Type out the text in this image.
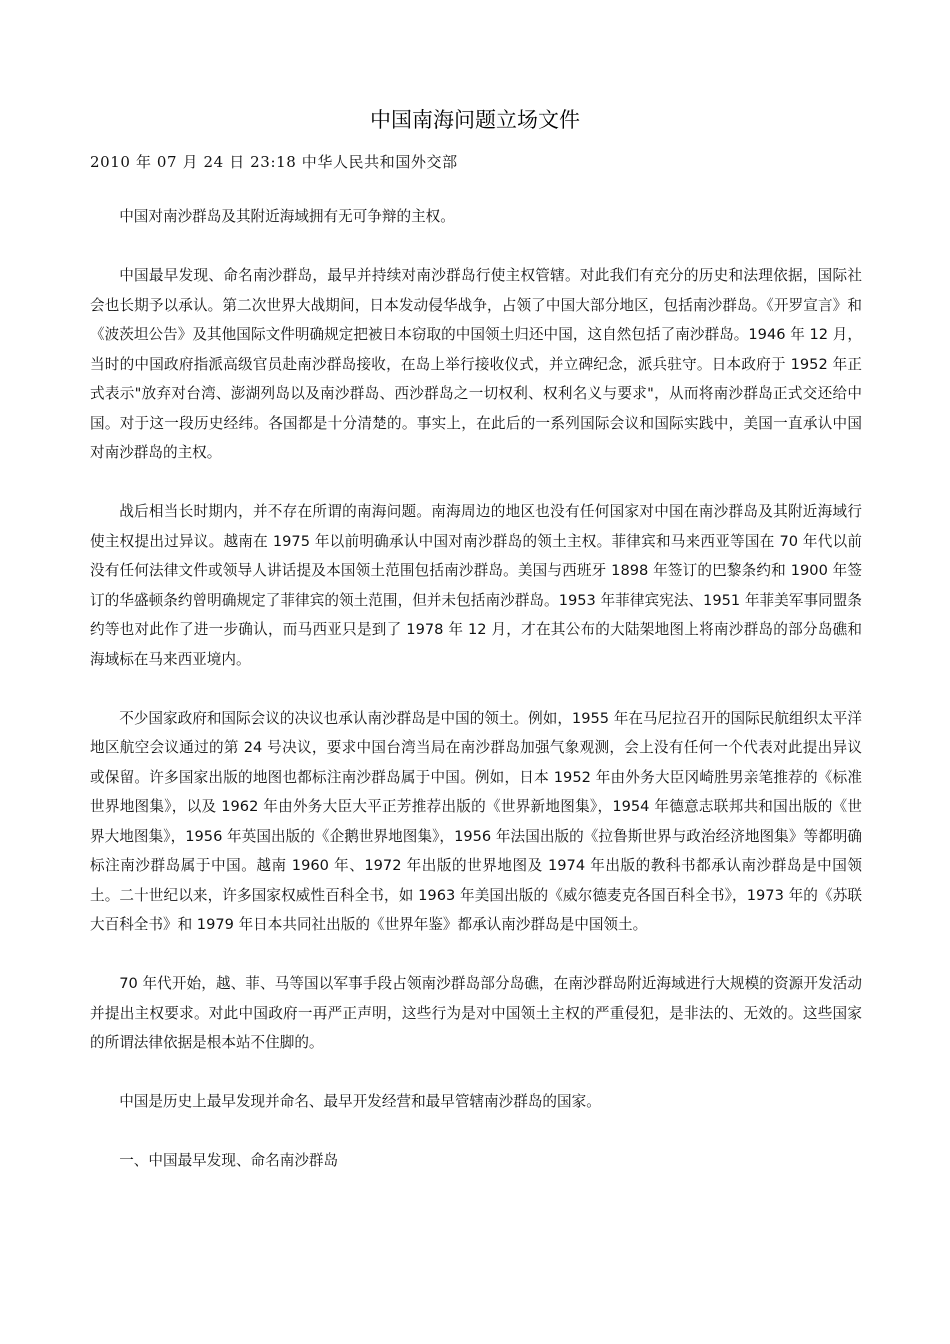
中国南海问题立场文件
2010 年 07 月 24 日 23:18 中华人民共和国外交部

中国对南沙群岛及其附近海域拥有无可争辩的主权。

中国最早发现、命名南沙群岛，最早并持续对南沙群岛行使主权管辖。对此我们有充分的历史和法理依据，国际社会也长期予以承认。第二次世界大战期间，日本发动侵华战争，占领了中国大部分地区，包括南沙群岛。《开罗宣言》和《波茨坦公告》及其他国际文件明确规定把被日本窃取的中国领土归还中国，这自然包括了南沙群岛。1946 年 12 月，当时的中国政府指派高级官员赴南沙群岛接收，在岛上举行接收仪式，并立碑纪念，派兵驻守。日本政府于 1952 年正式表示"放弃对台湾、澎湖列岛以及南沙群岛、西沙群岛之一切权利、权利名义与要求"，从而将南沙群岛正式交还给中国。对于这一段历史经纬。各国都是十分清楚的。事实上，在此后的一系列国际会议和国际实践中，美国一直承认中国对南沙群岛的主权。

战后相当长时期内，并不存在所谓的南海问题。南海周边的地区也没有任何国家对中国在南沙群岛及其附近海域行使主权提出过异议。越南在 1975 年以前明确承认中国对南沙群岛的领土主权。菲律宾和马来西亚等国在 70 年代以前没有任何法律文件或领导人讲话提及本国领土范围包括南沙群岛。美国与西班牙 1898 年签订的巴黎条约和 1900 年签订的华盛顿条约曾明确规定了菲律宾的领土范围，但并未包括南沙群岛。1953 年菲律宾宪法、1951 年菲美军事同盟条约等也对此作了进一步确认，而马西亚只是到了 1978 年 12 月，才在其公布的大陆架地图上将南沙群岛的部分岛礁和海域标在马来西亚境内。

不少国家政府和国际会议的决议也承认南沙群岛是中国的领土。例如，1955 年在马尼拉召开的国际民航组织太平洋地区航空会议通过的第 24 号决议，要求中国台湾当局在南沙群岛加强气象观测，会上没有任何一个代表对此提出异议或保留。许多国家出版的地图也都标注南沙群岛属于中国。例如，日本 1952 年由外务大臣冈崎胜男亲笔推荐的《标准世界地图集》，以及 1962 年由外务大臣大平正芳推荐出版的《世界新地图集》，1954 年德意志联邦共和国出版的《世界大地图集》，1956 年英国出版的《企鹅世界地图集》，1956 年法国出版的《拉鲁斯世界与政治经济地图集》等都明确标注南沙群岛属于中国。越南 1960 年、1972 年出版的世界地图及 1974 年出版的教科书都承认南沙群岛是中国领土。二十世纪以来，许多国家权威性百科全书，如 1963 年美国出版的《威尔德麦克各国百科全书》，1973 年的《苏联大百科全书》和 1979 年日本共同社出版的《世界年鉴》都承认南沙群岛是中国领土。

70 年代开始，越、菲、马等国以军事手段占领南沙群岛部分岛礁，在南沙群岛附近海域进行大规模的资源开发活动并提出主权要求。对此中国政府一再严正声明，这些行为是对中国领土主权的严重侵犯，是非法的、无效的。这些国家的所谓法律依据是根本站不住脚的。

中国是历史上最早发现并命名、最早开发经营和最早管辖南沙群岛的国家。

一、中国最早发现、命名南沙群岛
